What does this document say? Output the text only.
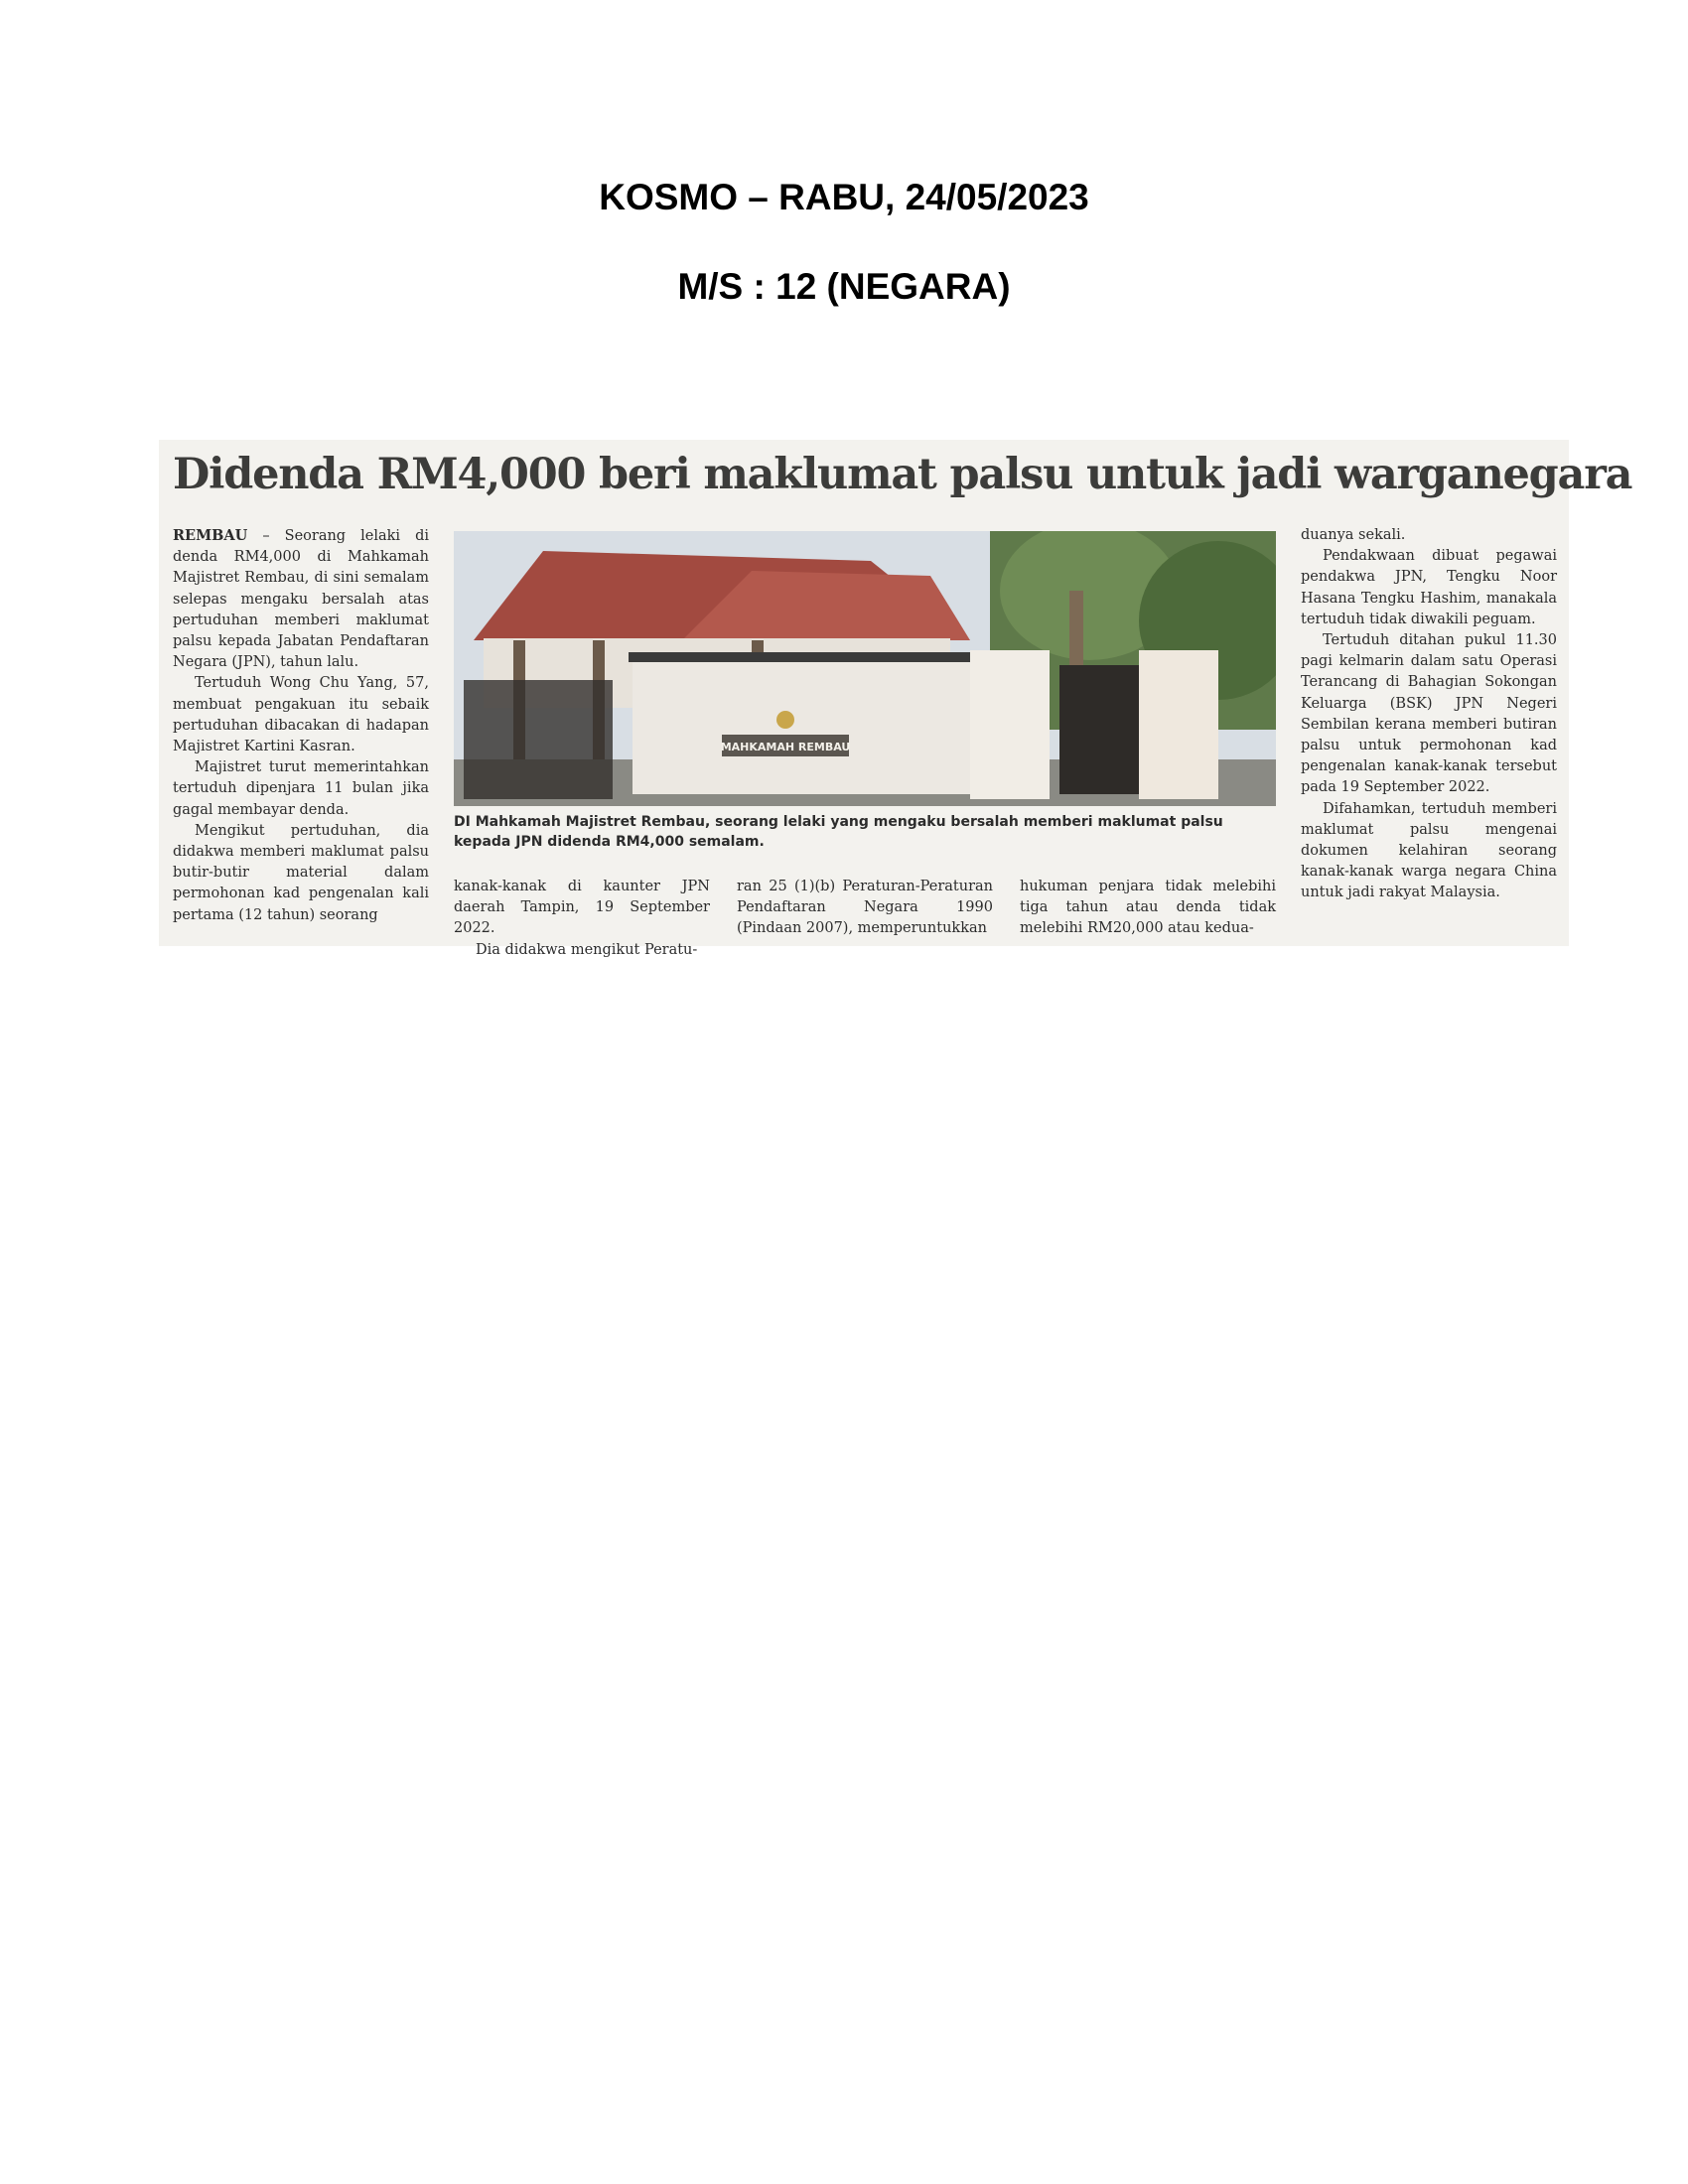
KOSMO – RABU, 24/05/2023
M/S : 12 (NEGARA)
Didenda RM4,000 beri maklumat palsu untuk jadi warganegara

REMBAU – Seorang lelaki di denda RM4,000 di Mahkamah Majistret Rembau, di sini semalam selepas mengaku bersalah atas pertuduhan memberi maklumat palsu kepada Jabatan Pendaftaran Negara (JPN), tahun lalu.

Tertuduh Wong Chu Yang, 57, membuat pengakuan itu sebaik pertuduhan dibacakan di hadapan Majistret Kartini Kasran.

Majistret turut memerintahkan tertuduh dipenjara 11 bulan jika gagal membayar denda.

Mengikut pertuduhan, dia didakwa memberi maklumat palsu butir-butir material dalam permohonan kad pengenalan kali pertama (12 tahun) seorang

MAHKAMAH REMBAU
DI Mahkamah Majistret Rembau, seorang lelaki yang mengaku bersalah memberi maklumat palsu kepada JPN didenda RM4,000 semalam.

kanak-kanak di kaunter JPN daerah Tampin, 19 September 2022.

Dia didakwa mengikut Peratu-

ran 25 (1)(b) Peraturan-Peraturan Pendaftaran Negara 1990 (Pindaan 2007), memperuntukkan

hukuman penjara tidak melebihi tiga tahun atau denda tidak melebihi RM20,000 atau kedua-

duanya sekali.

Pendakwaan dibuat pegawai pendakwa JPN, Tengku Noor Hasana Tengku Hashim, manakala tertuduh tidak diwakili peguam.

Tertuduh ditahan pukul 11.30 pagi kelmarin dalam satu Operasi Terancang di Bahagian Sokongan Keluarga (BSK) JPN Negeri Sembilan kerana memberi butiran palsu untuk permohonan kad pengenalan kanak-kanak tersebut pada 19 September 2022.

Difahamkan, tertuduh memberi maklumat palsu mengenai dokumen kelahiran seorang kanak-kanak warga negara China untuk jadi rakyat Malaysia.
